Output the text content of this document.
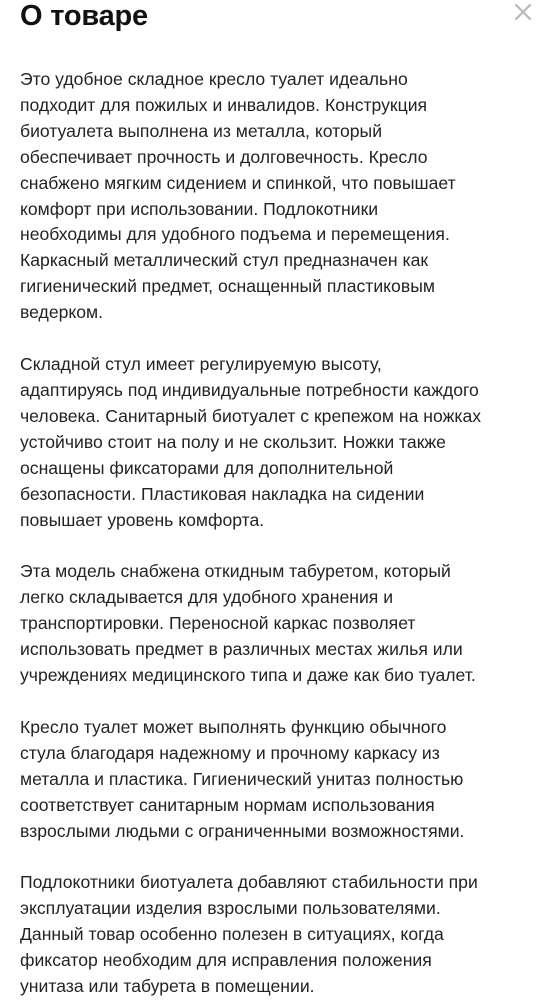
О товаре

Это удобное складное кресло туалет идеально
подходит для пожилых и инвалидов. Конструкция
биотуалета выполнена из металла, который
обеспечивает прочность и долговечность. Кресло
снабжено мягким сидением и спинкой, что повышает
комфорт при использовании. Подлокотники
необходимы для удобного подъема и перемещения.
Каркасный металлический стул предназначен как
гигиенический предмет, оснащенный пластиковым
ведерком.

Складной стул имеет регулируемую высоту,
адаптируясь под индивидуальные потребности каждого
человека. Санитарный биотуалет с крепежом на ножках
устойчиво стоит на полу и не скользит. Ножки также
оснащены фиксаторами для дополнительной
безопасности. Пластиковая накладка на сидении
повышает уровень комфорта.

Эта модель снабжена откидным табуретом, который
легко складывается для удобного хранения и
транспортировки. Переносной каркас позволяет
использовать предмет в различных местах жилья или
учреждениях медицинского типа и даже как био туалет.

Кресло туалет может выполнять функцию обычного
стула благодаря надежному и прочному каркасу из
металла и пластика. Гигиенический унитаз полностью
соответствует санитарным нормам использования
взрослыми людьми с ограниченными возможностями.

Подлокотники биотуалета добавляют стабильности при
эксплуатации изделия взрослыми пользователями.
Данный товар особенно полезен в ситуациях, когда
фиксатор необходим для исправления положения
унитаза или табурета в помещении.
